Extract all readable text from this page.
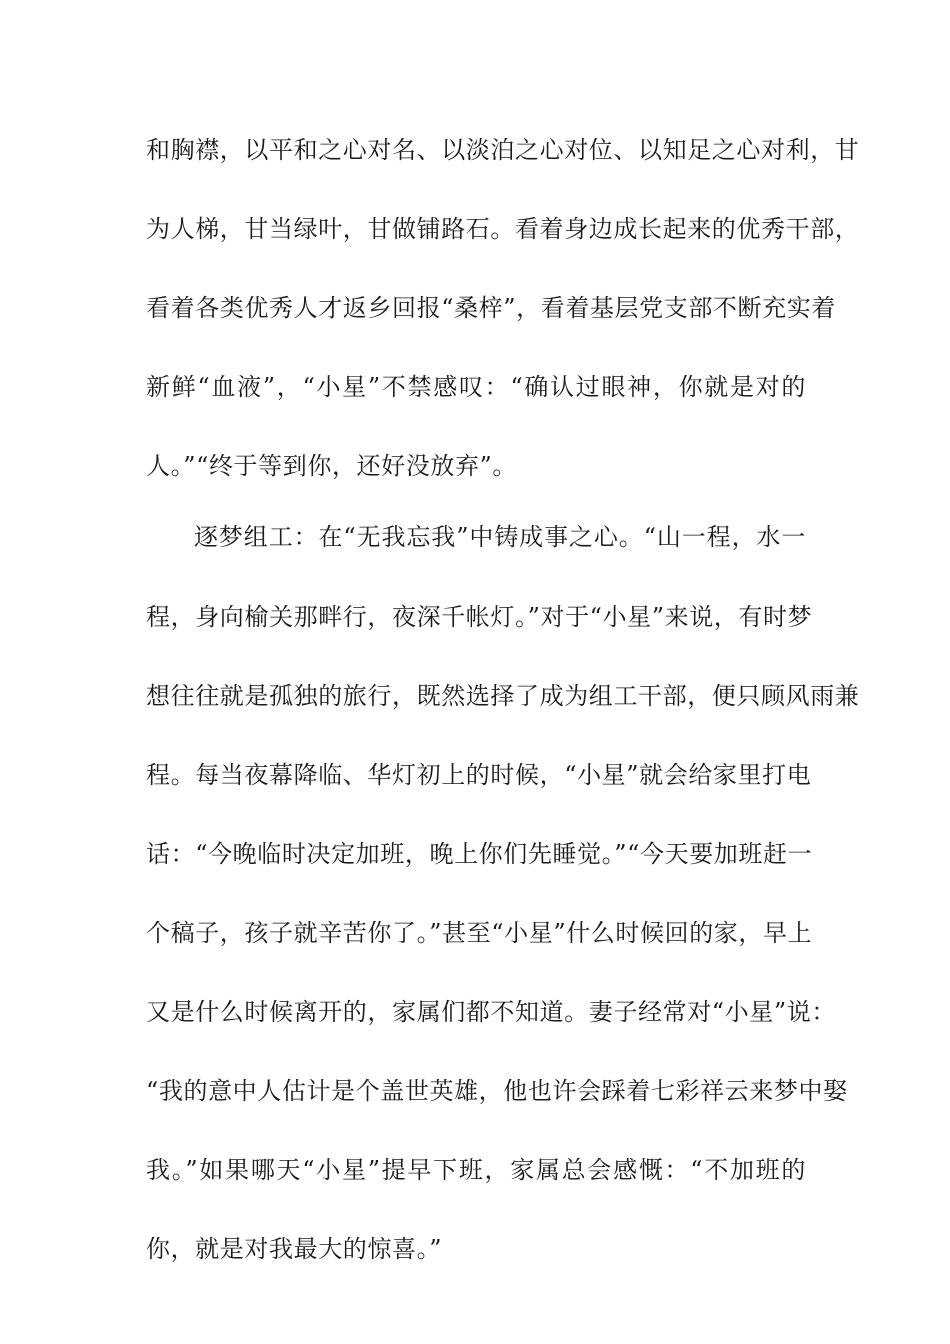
和胸襟，以平和之心对名、以淡泊之心对位、以知足之心对利，甘
为人梯，甘当绿叶，甘做铺路石。看着身边成长起来的优秀干部，
看着各类优秀人才返乡回报“桑梓”，看着基层党支部不断充实着
新鲜“血液”，“小星”不禁感叹：“确认过眼神，你就是对的
人。”“终于等到你，还好没放弃”。
逐梦组工：在“无我忘我”中铸成事之心。“山一程，水一
程，身向榆关那畔行，夜深千帐灯。”对于“小星”来说，有时梦
想往往就是孤独的旅行，既然选择了成为组工干部，便只顾风雨兼
程。每当夜幕降临、华灯初上的时候，“小星”就会给家里打电
话：“今晚临时决定加班，晚上你们先睡觉。”“今天要加班赶一
个稿子，孩子就辛苦你了。”甚至“小星”什么时候回的家，早上
又是什么时候离开的，家属们都不知道。妻子经常对“小星”说：
“我的意中人估计是个盖世英雄，他也许会踩着七彩祥云来梦中娶
我。”如果哪天“小星”提早下班，家属总会感慨：“不加班的
你，就是对我最大的惊喜。”
